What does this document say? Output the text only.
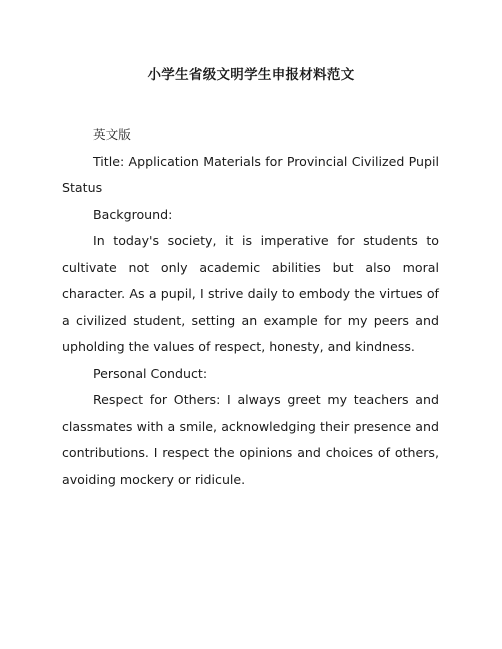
小学生省级文明学生申报材料范文

英文版

Title: Application Materials for Provincial Civilized Pupil Status

Background:

In today's society, it is imperative for students to cultivate not only academic abilities but also moral character. As a pupil, I strive daily to embody the virtues of a civilized student, setting an example for my peers and upholding the values of respect, honesty, and kindness.

Personal Conduct:

Respect for Others: I always greet my teachers and classmates with a smile, acknowledging their presence and contributions. I respect the opinions and choices of others, avoiding mockery or ridicule.
